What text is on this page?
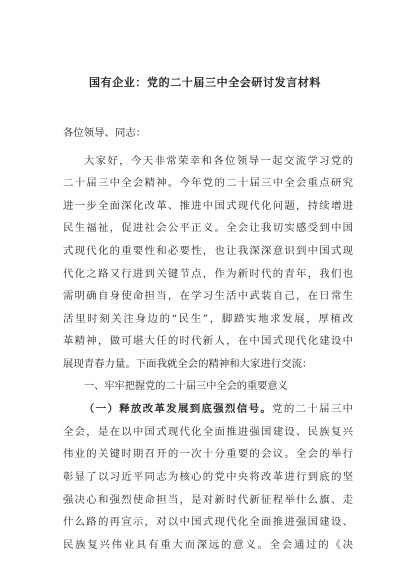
国有企业：党的二十届三中全会研讨发言材料
各位领导、同志：
大家好，今天非常荣幸和各位领导一起交流学习党的
二十届三中全会精神。今年党的二十届三中全会重点研究
进一步全面深化改革、推进中国式现代化问题，持续增进
民生福祉，促进社会公平正义。全会让我切实感受到中国
式现代化的重要性和必要性，也让我深深意识到中国式现
代化之路又行进到关键节点，作为新时代的青年，我们也
需明确自身使命担当，在学习生活中武装自己，在日常生
活里时刻关注身边的“民生”，脚踏实地求发展，厚植改
革精神，做可堪大任的时代新人，在中国式现代化建设中
展现青春力量。下面我就全会的精神和大家进行交流：
一、牢牢把握党的二十届三中全会的重要意义
（一）释放改革发展到底强烈信号。党的二十届三中
全会，是在以中国式现代化全面推进强国建设、民族复兴
伟业的关键时期召开的一次十分重要的会议。全会的举行
彰显了以习近平同志为核心的党中央将改革进行到底的坚
强决心和强烈使命担当，是对新时代新征程举什么旗、走
什么路的再宣示，对以中国式现代化全面推进强国建设、
民族复兴伟业具有重大而深远的意义。全会通过的《决
